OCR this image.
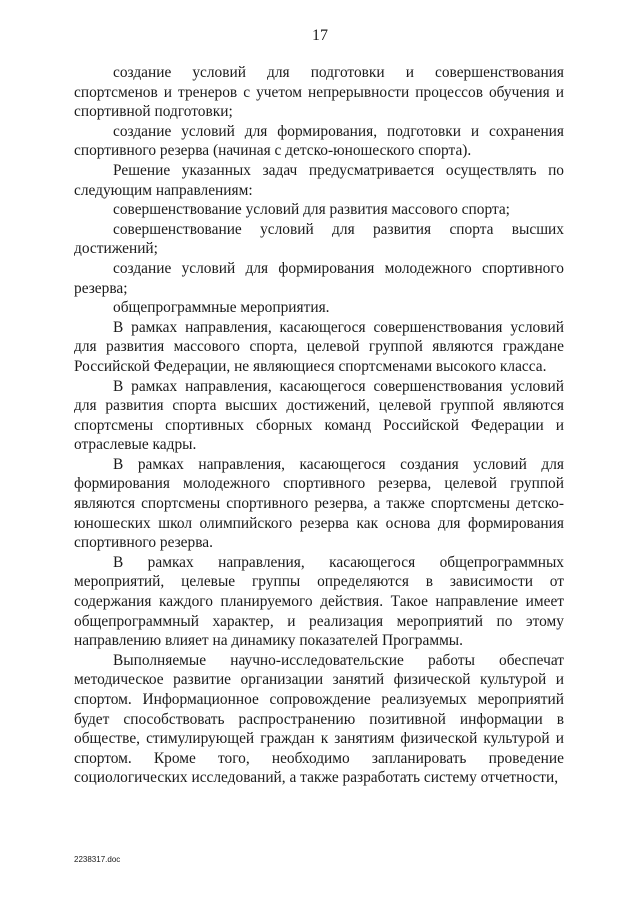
17

создание условий для подготовки и совершенствования спортсменов и тренеров с учетом непрерывности процессов обучения и спортивной подготовки;

создание условий для формирования, подготовки и сохранения спортивного резерва (начиная с детско-юношеского спорта).

Решение указанных задач предусматривается осуществлять по следующим направлениям:

совершенствование условий для развития массового спорта;

совершенствование условий для развития спорта высших достижений;

создание условий для формирования молодежного спортивного резерва;

общепрограммные мероприятия.

В рамках направления, касающегося совершенствования условий для развития массового спорта, целевой группой являются граждане Российской Федерации, не являющиеся спортсменами высокого класса.

В рамках направления, касающегося совершенствования условий для развития спорта высших достижений, целевой группой являются спортсмены спортивных сборных команд Российской Федерации и отраслевые кадры.

В рамках направления, касающегося создания условий для формирования молодежного спортивного резерва, целевой группой являются спортсмены спортивного резерва, а также спортсмены детско-юношеских школ олимпийского резерва как основа для формирования спортивного резерва.

В рамках направления, касающегося общепрограммных мероприятий, целевые группы определяются в зависимости от содержания каждого планируемого действия. Такое направление имеет общепрограммный характер, и реализация мероприятий по этому направлению влияет на динамику показателей Программы.

Выполняемые научно-исследовательские работы обеспечат методическое развитие организации занятий физической культурой и спортом. Информационное сопровождение реализуемых мероприятий будет способствовать распространению позитивной информации в обществе, стимулирующей граждан к занятиям физической культурой и спортом. Кроме того, необходимо запланировать проведение социологических исследований, а также разработать систему отчетности,

2238317.doc
